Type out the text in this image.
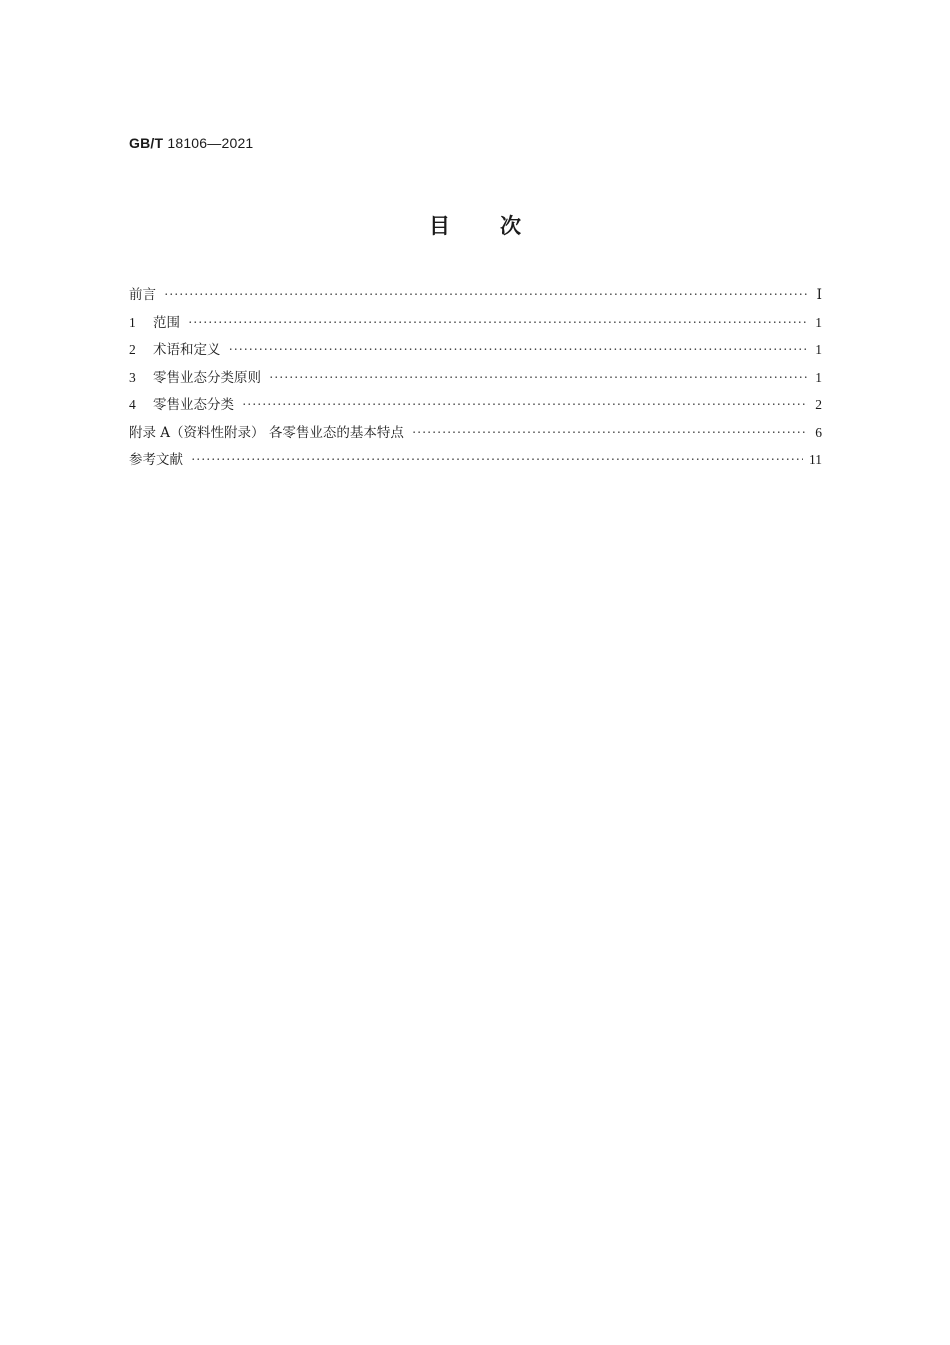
GB/T 18106—2021
目 次
前言 ·····	Ⅰ
1	范围 ·····	1
2	术语和定义 ·····	1
3	零售业态分类原则 ·····	1
4	零售业态分类 ·····	2
附录 A（资料性附录） 各零售业态的基本特点 ·····	6
参考文献 ·····	11
